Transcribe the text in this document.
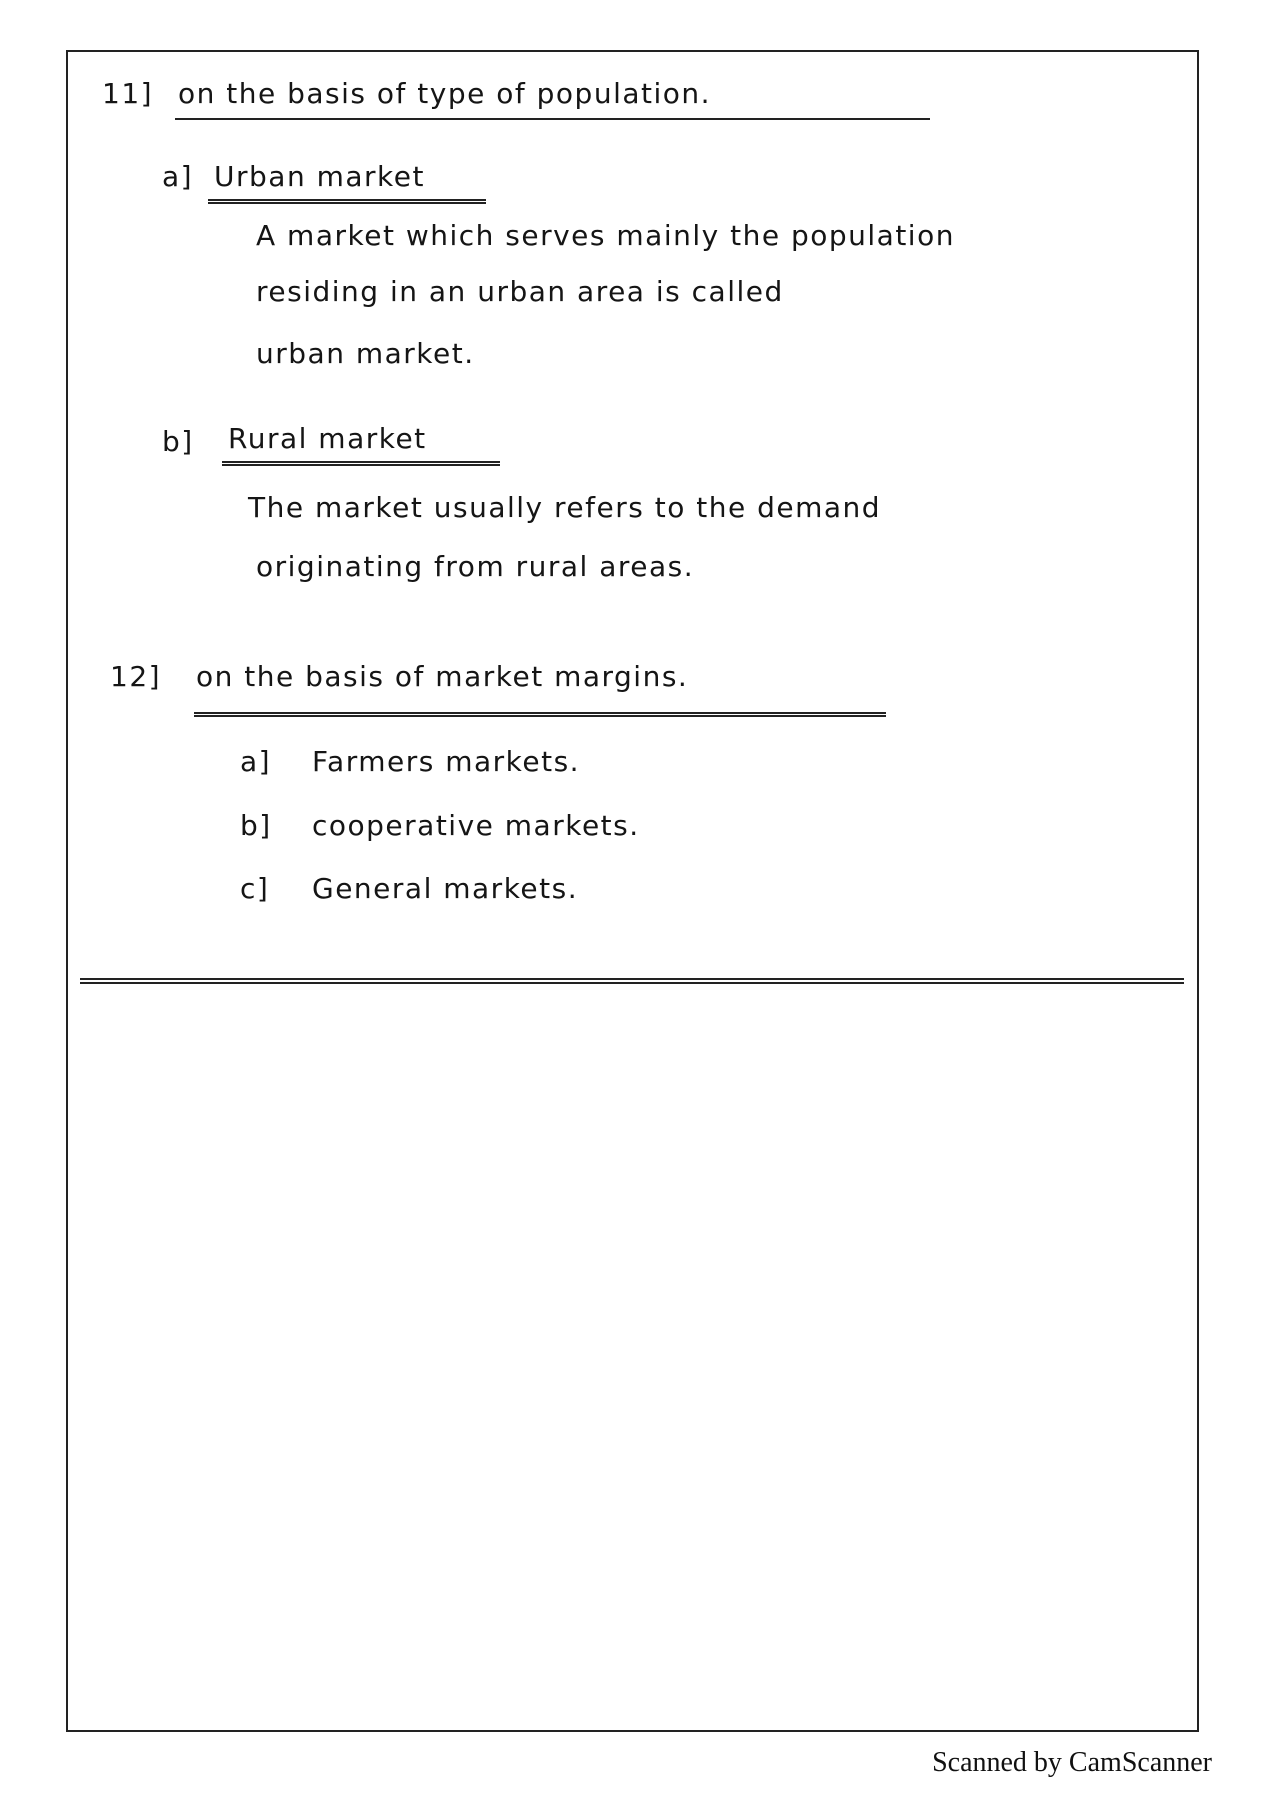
11] on the basis of type of population.
a] Urban market
A market which serves mainly the population
residing in an urban area is called
urban market.
b] Rural market
The market usually refers to the demand
originating from rural areas.
12] on the basis of market margins.
a] Farmers markets.
b] cooperative markets.
c] General markets.
Scanned by CamScanner
